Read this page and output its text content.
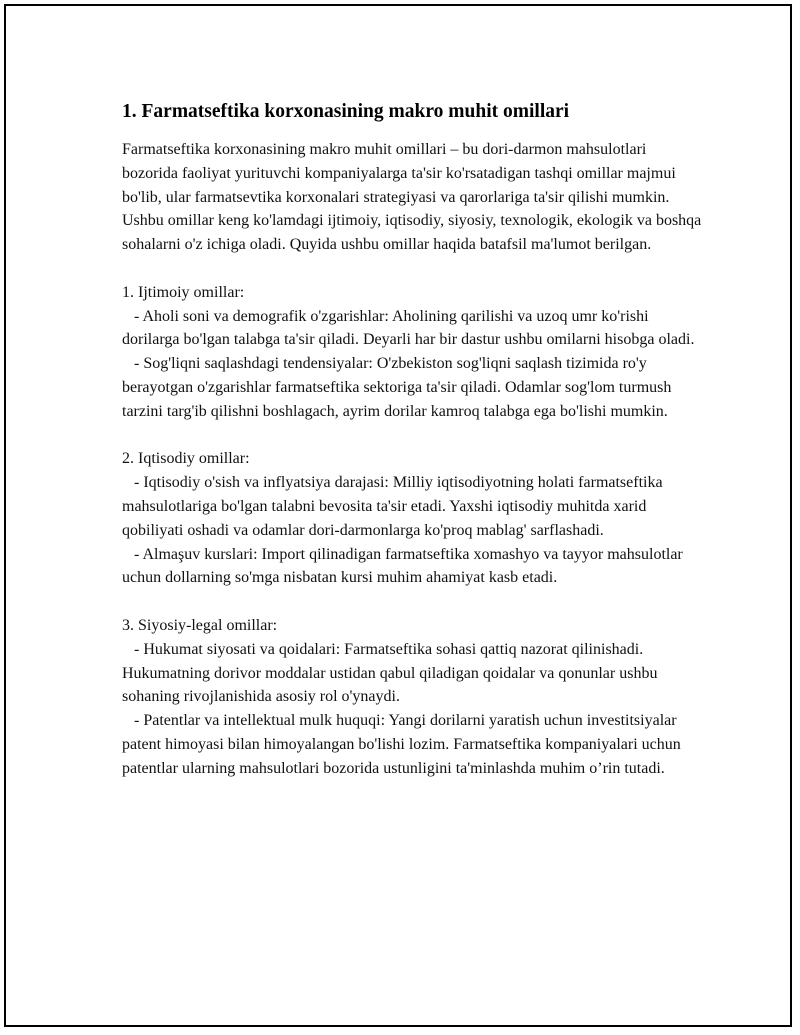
1. Farmatseftika korxonasining makro muhit omillari

Farmatseftika korxonasining makro muhit omillari – bu dori-darmon mahsulotlari bozorida faoliyat yurituvchi kompaniyalarga ta'sir ko'rsatadigan tashqi omillar majmui bo'lib, ular farmatsevtika korxonalari strategiyasi va qarorlariga ta'sir qilishi mumkin. Ushbu omillar keng ko'lamdagi ijtimoiy, iqtisodiy, siyosiy, texnologik, ekologik va boshqa sohalarni o'z ichiga oladi. Quyida ushbu omillar haqida batafsil ma'lumot berilgan.

1. Ijtimoiy omillar:

- Aholi soni va demografik o'zgarishlar: Aholining qarilishi va uzoq umr ko'rishi dorilarga bo'lgan talabga ta'sir qiladi. Deyarli har bir dastur ushbu omilarni hisobga oladi.

- Sog'liqni saqlashdagi tendensiyalar: O'zbekiston sog'liqni saqlash tizimida ro'y berayotgan o'zgarishlar farmatseftika sektoriga ta'sir qiladi. Odamlar sog'lom turmush tarzini targ'ib qilishni boshlagach, ayrim dorilar kamroq talabga ega bo'lishi mumkin.

2. Iqtisodiy omillar:

- Iqtisodiy o'sish va inflyatsiya darajasi: Milliy iqtisodiyotning holati farmatseftika mahsulotlariga bo'lgan talabni bevosita ta'sir etadi. Yaxshi iqtisodiy muhitda xarid qobiliyati oshadi va odamlar dori-darmonlarga ko'proq mablag' sarflashadi.

- Almaşuv kurslari: Import qilinadigan farmatseftika xomashyo va tayyor mahsulotlar uchun dollarning so'mga nisbatan kursi muhim ahamiyat kasb etadi.

3. Siyosiy-legal omillar:

- Hukumat siyosati va qoidalari: Farmatseftika sohasi qattiq nazorat qilinishadi. Hukumatning dorivor moddalar ustidan qabul qiladigan qoidalar va qonunlar ushbu sohaning rivojlanishida asosiy rol o'ynaydi.

- Patentlar va intellektual mulk huquqi: Yangi dorilarni yaratish uchun investitsiyalar patent himoyasi bilan himoyalangan bo'lishi lozim. Farmatseftika kompaniyalari uchun patentlar ularning mahsulotlari bozorida ustunligini ta'minlashda muhim o’rin tutadi.
